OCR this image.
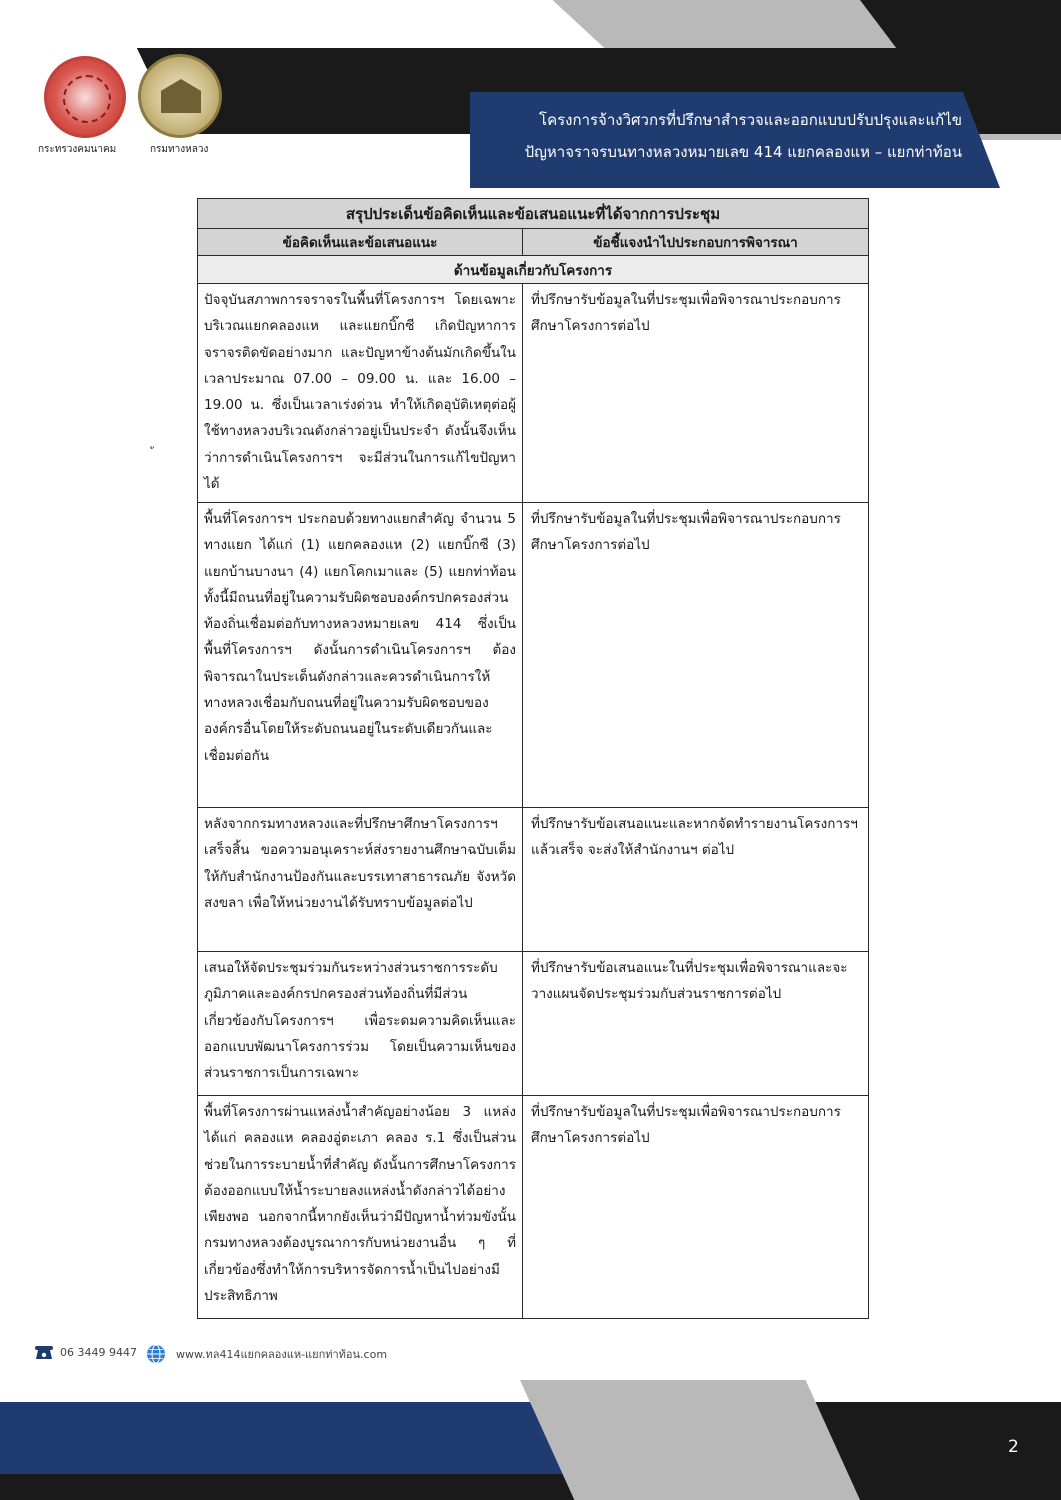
กระทรวงคมนาคม	กรมทางหลวง
โครงการจ้างวิศวกรที่ปรึกษาสำรวจและออกแบบปรับปรุงและแก้ไข
ปัญหาจราจรบนทางหลวงหมายเลข 414 แยกคลองแห – แยกท่าท้อน
สรุปประเด็นข้อคิดเห็นและข้อเสนอแนะที่ได้จากการประชุม	
ข้อคิดเห็นและข้อเสนอแนะ	ข้อชี้แจงนำไปประกอบการพิจารณา
ด้านข้อมูลเกี่ยวกับโครงการ	
ปัจจุบันสภาพการจราจรในพื้นที่โครงการฯ โดยเฉพาะบริเวณแยกคลองแห และแยกบิ๊กซี เกิดปัญหาการจราจรติดขัดอย่างมาก และปัญหาข้างต้นมักเกิดขึ้นในเวลาประมาณ 07.00 – 09.00 น. และ 16.00 – 19.00 น. ซึ่งเป็นเวลาเร่งด่วน ทำให้เกิดอุบัติเหตุต่อผู้ใช้ทางหลวงบริเวณดังกล่าวอยู่เป็นประจำ ดังนั้นจึงเห็นว่าการดำเนินโครงการฯ จะมีส่วนในการแก้ไขปัญหาได้	ที่ปรึกษารับข้อมูลในที่ประชุมเพื่อพิจารณาประกอบการศึกษาโครงการต่อไป
พื้นที่โครงการฯ ประกอบด้วยทางแยกสำคัญ จำนวน 5 ทางแยก ได้แก่ (1) แยกคลองแห (2) แยกบิ๊กซี (3) แยกบ้านบางนา (4) แยกโคกเมาและ (5) แยกท่าท้อน ทั้งนี้มีถนนที่อยู่ในความรับผิดชอบองค์กรปกครองส่วนท้องถิ่นเชื่อมต่อกับทางหลวงหมายเลข 414 ซึ่งเป็นพื้นที่โครงการฯ ดังนั้นการดำเนินโครงการฯ ต้องพิจารณาในประเด็นดังกล่าวและควรดำเนินการให้ทางหลวงเชื่อมกับถนนที่อยู่ในความรับผิดชอบขององค์กรอื่นโดยให้ระดับถนนอยู่ในระดับเดียวกันและเชื่อมต่อกัน	ที่ปรึกษารับข้อมูลในที่ประชุมเพื่อพิจารณาประกอบการศึกษาโครงการต่อไป
หลังจากกรมทางหลวงและที่ปรึกษาศึกษาโครงการฯ เสร็จสิ้น ขอความอนุเคราะห์ส่งรายงานศึกษาฉบับเต็มให้กับสำนักงานป้องกันและบรรเทาสาธารณภัย จังหวัดสงขลา เพื่อให้หน่วยงานได้รับทราบข้อมูลต่อไป	ที่ปรึกษารับข้อเสนอแนะและหากจัดทำรายงานโครงการฯ แล้วเสร็จ จะส่งให้สำนักงานฯ ต่อไป
เสนอให้จัดประชุมร่วมกันระหว่างส่วนราชการระดับภูมิภาคและองค์กรปกครองส่วนท้องถิ่นที่มีส่วนเกี่ยวข้องกับโครงการฯ เพื่อระดมความคิดเห็นและออกแบบพัฒนาโครงการร่วม โดยเป็นความเห็นของส่วนราชการเป็นการเฉพาะ	ที่ปรึกษารับข้อเสนอแนะในที่ประชุมเพื่อพิจารณาและจะวางแผนจัดประชุมร่วมกับส่วนราชการต่อไป
พื้นที่โครงการผ่านแหล่งน้ำสำคัญอย่างน้อย 3 แหล่ง ได้แก่ คลองแห คลองอู่ตะเภา คลอง ร.1 ซึ่งเป็นส่วนช่วยในการระบายน้ำที่สำคัญ ดังนั้นการศึกษาโครงการต้องออกแบบให้น้ำระบายลงแหล่งน้ำดังกล่าวได้อย่างเพียงพอ นอกจากนี้หากยังเห็นว่ามีปัญหาน้ำท่วมขังนั้น กรมทางหลวงต้องบูรณาการกับหน่วยงานอื่น ๆ ที่เกี่ยวข้องซึ่งทำให้การบริหารจัดการน้ำเป็นไปอย่างมีประสิทธิภาพ	ที่ปรึกษารับข้อมูลในที่ประชุมเพื่อพิจารณาประกอบการศึกษาโครงการต่อไป
06 3449 9447	www.ทล414แยกคลองแห-แยกท่าท้อน.com
2
